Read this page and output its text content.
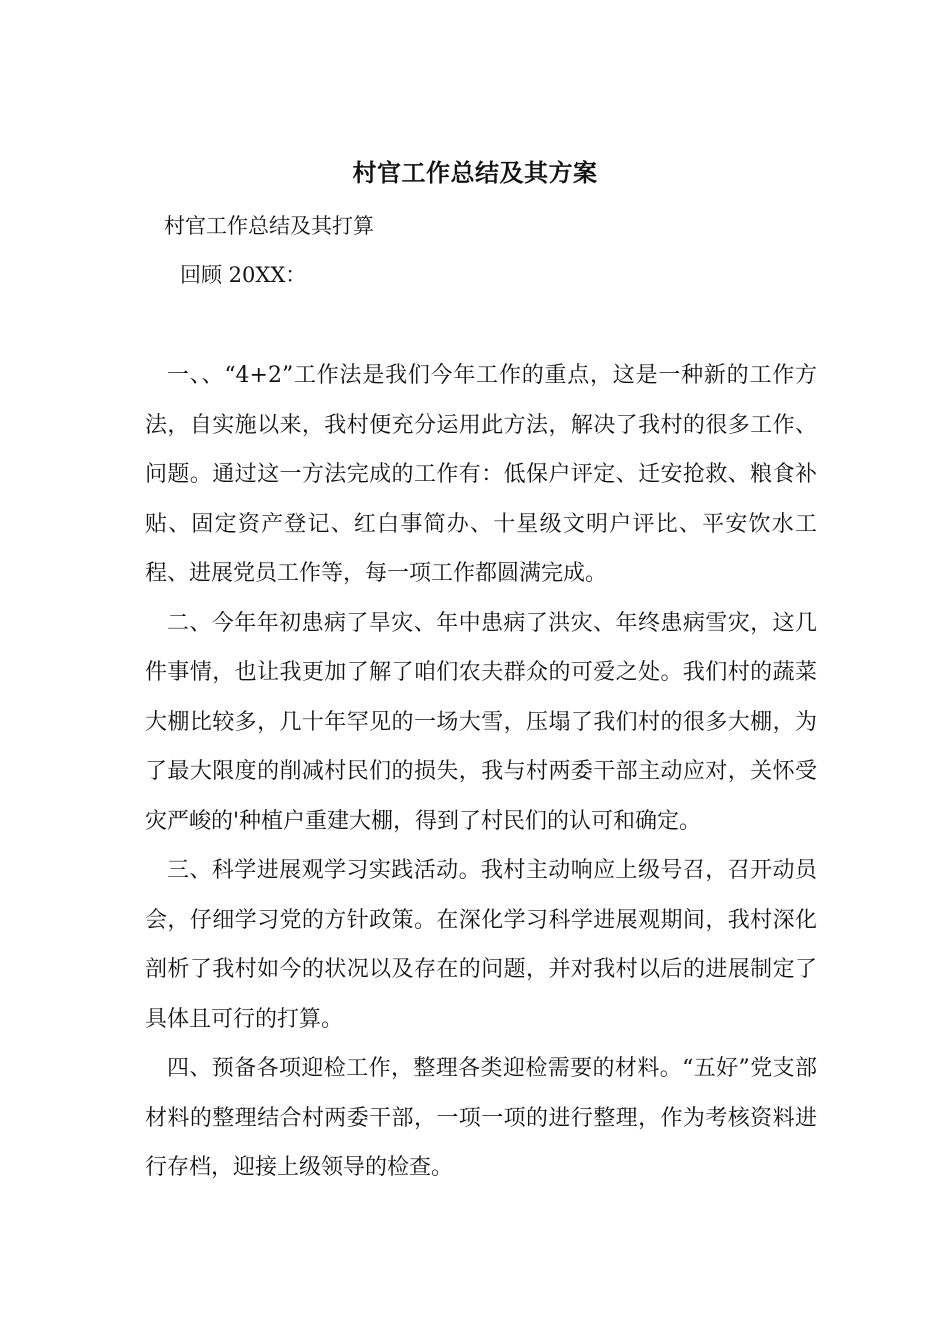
村官工作总结及其方案
村官工作总结及其打算
回顾 20XX：

一、、“4+2”工作法是我们今年工作的重点，这是一种新的工作方法，自实施以来，我村便充分运用此方法，解决了我村的很多工作、问题。通过这一方法完成的工作有：低保户评定、迁安抢救、粮食补贴、固定资产登记、红白事简办、十星级文明户评比、平安饮水工程、进展党员工作等，每一项工作都圆满完成。

二、今年年初患病了旱灾、年中患病了洪灾、年终患病雪灾，这几件事情，也让我更加了解了咱们农夫群众的可爱之处。我们村的蔬菜大棚比较多，几十年罕见的一场大雪，压塌了我们村的很多大棚，为了最大限度的削减村民们的损失，我与村两委干部主动应对，关怀受灾严峻的'种植户重建大棚，得到了村民们的认可和确定。

三、科学进展观学习实践活动。我村主动响应上级号召，召开动员会，仔细学习党的方针政策。在深化学习科学进展观期间，我村深化剖析了我村如今的状况以及存在的问题，并对我村以后的进展制定了具体且可行的打算。

四、预备各项迎检工作，整理各类迎检需要的材料。“五好”党支部材料的整理结合村两委干部，一项一项的进行整理，作为考核资料进行存档，迎接上级领导的检查。
